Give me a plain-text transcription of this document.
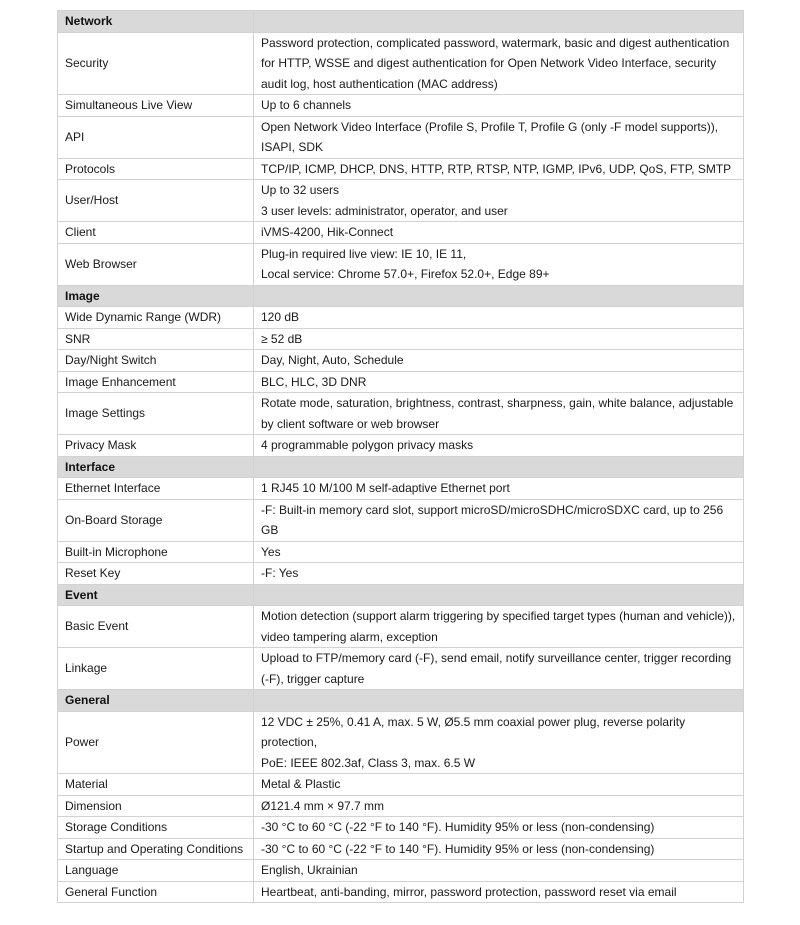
Network	
Security	Password protection, complicated password, watermark, basic and digest authentication for HTTP, WSSE and digest authentication for Open Network Video Interface, security audit log, host authentication (MAC address)

Simultaneous Live View	Up to 6 channels

API	Open Network Video Interface (Profile S, Profile T, Profile G (only -F model supports)), ISAPI, SDK

Protocols	TCP/IP, ICMP, DHCP, DNS, HTTP, RTP, RTSP, NTP, IGMP, IPv6, UDP, QoS, FTP, SMTP

User/Host	Up to 32 users
3 user levels: administrator, operator, and user

Client	iVMS-4200, Hik-Connect

Web Browser	Plug-in required live view: IE 10, IE 11,
Local service: Chrome 57.0+, Firefox 52.0+, Edge 89+

Image	
Wide Dynamic Range (WDR)	120 dB

SNR	≥ 52 dB

Day/Night Switch	Day, Night, Auto, Schedule

Image Enhancement	BLC, HLC, 3D DNR

Image Settings	Rotate mode, saturation, brightness, contrast, sharpness, gain, white balance, adjustable by client software or web browser

Privacy Mask	4 programmable polygon privacy masks

Interface	
Ethernet Interface	1 RJ45 10 M/100 M self-adaptive Ethernet port

On-Board Storage	-F: Built-in memory card slot, support microSD/microSDHC/microSDXC card, up to 256 GB

Built-in Microphone	Yes

Reset Key	-F: Yes

Event	
Basic Event	Motion detection (support alarm triggering by specified target types (human and vehicle)), video tampering alarm, exception

Linkage	Upload to FTP/memory card (-F), send email, notify surveillance center, trigger recording (-F), trigger capture

General	
Power	12 VDC ± 25%, 0.41 A, max. 5 W, Ø5.5 mm coaxial power plug, reverse polarity protection,
PoE: IEEE 802.3af, Class 3, max. 6.5 W

Material	Metal & Plastic

Dimension	Ø121.4 mm × 97.7 mm

Storage Conditions	-30 °C to 60 °C (-22 °F to 140 °F). Humidity 95% or less (non-condensing)

Startup and Operating Conditions	-30 °C to 60 °C (-22 °F to 140 °F). Humidity 95% or less (non-condensing)

Language	English, Ukrainian

General Function	Heartbeat, anti-banding, mirror, password protection, password reset via email
